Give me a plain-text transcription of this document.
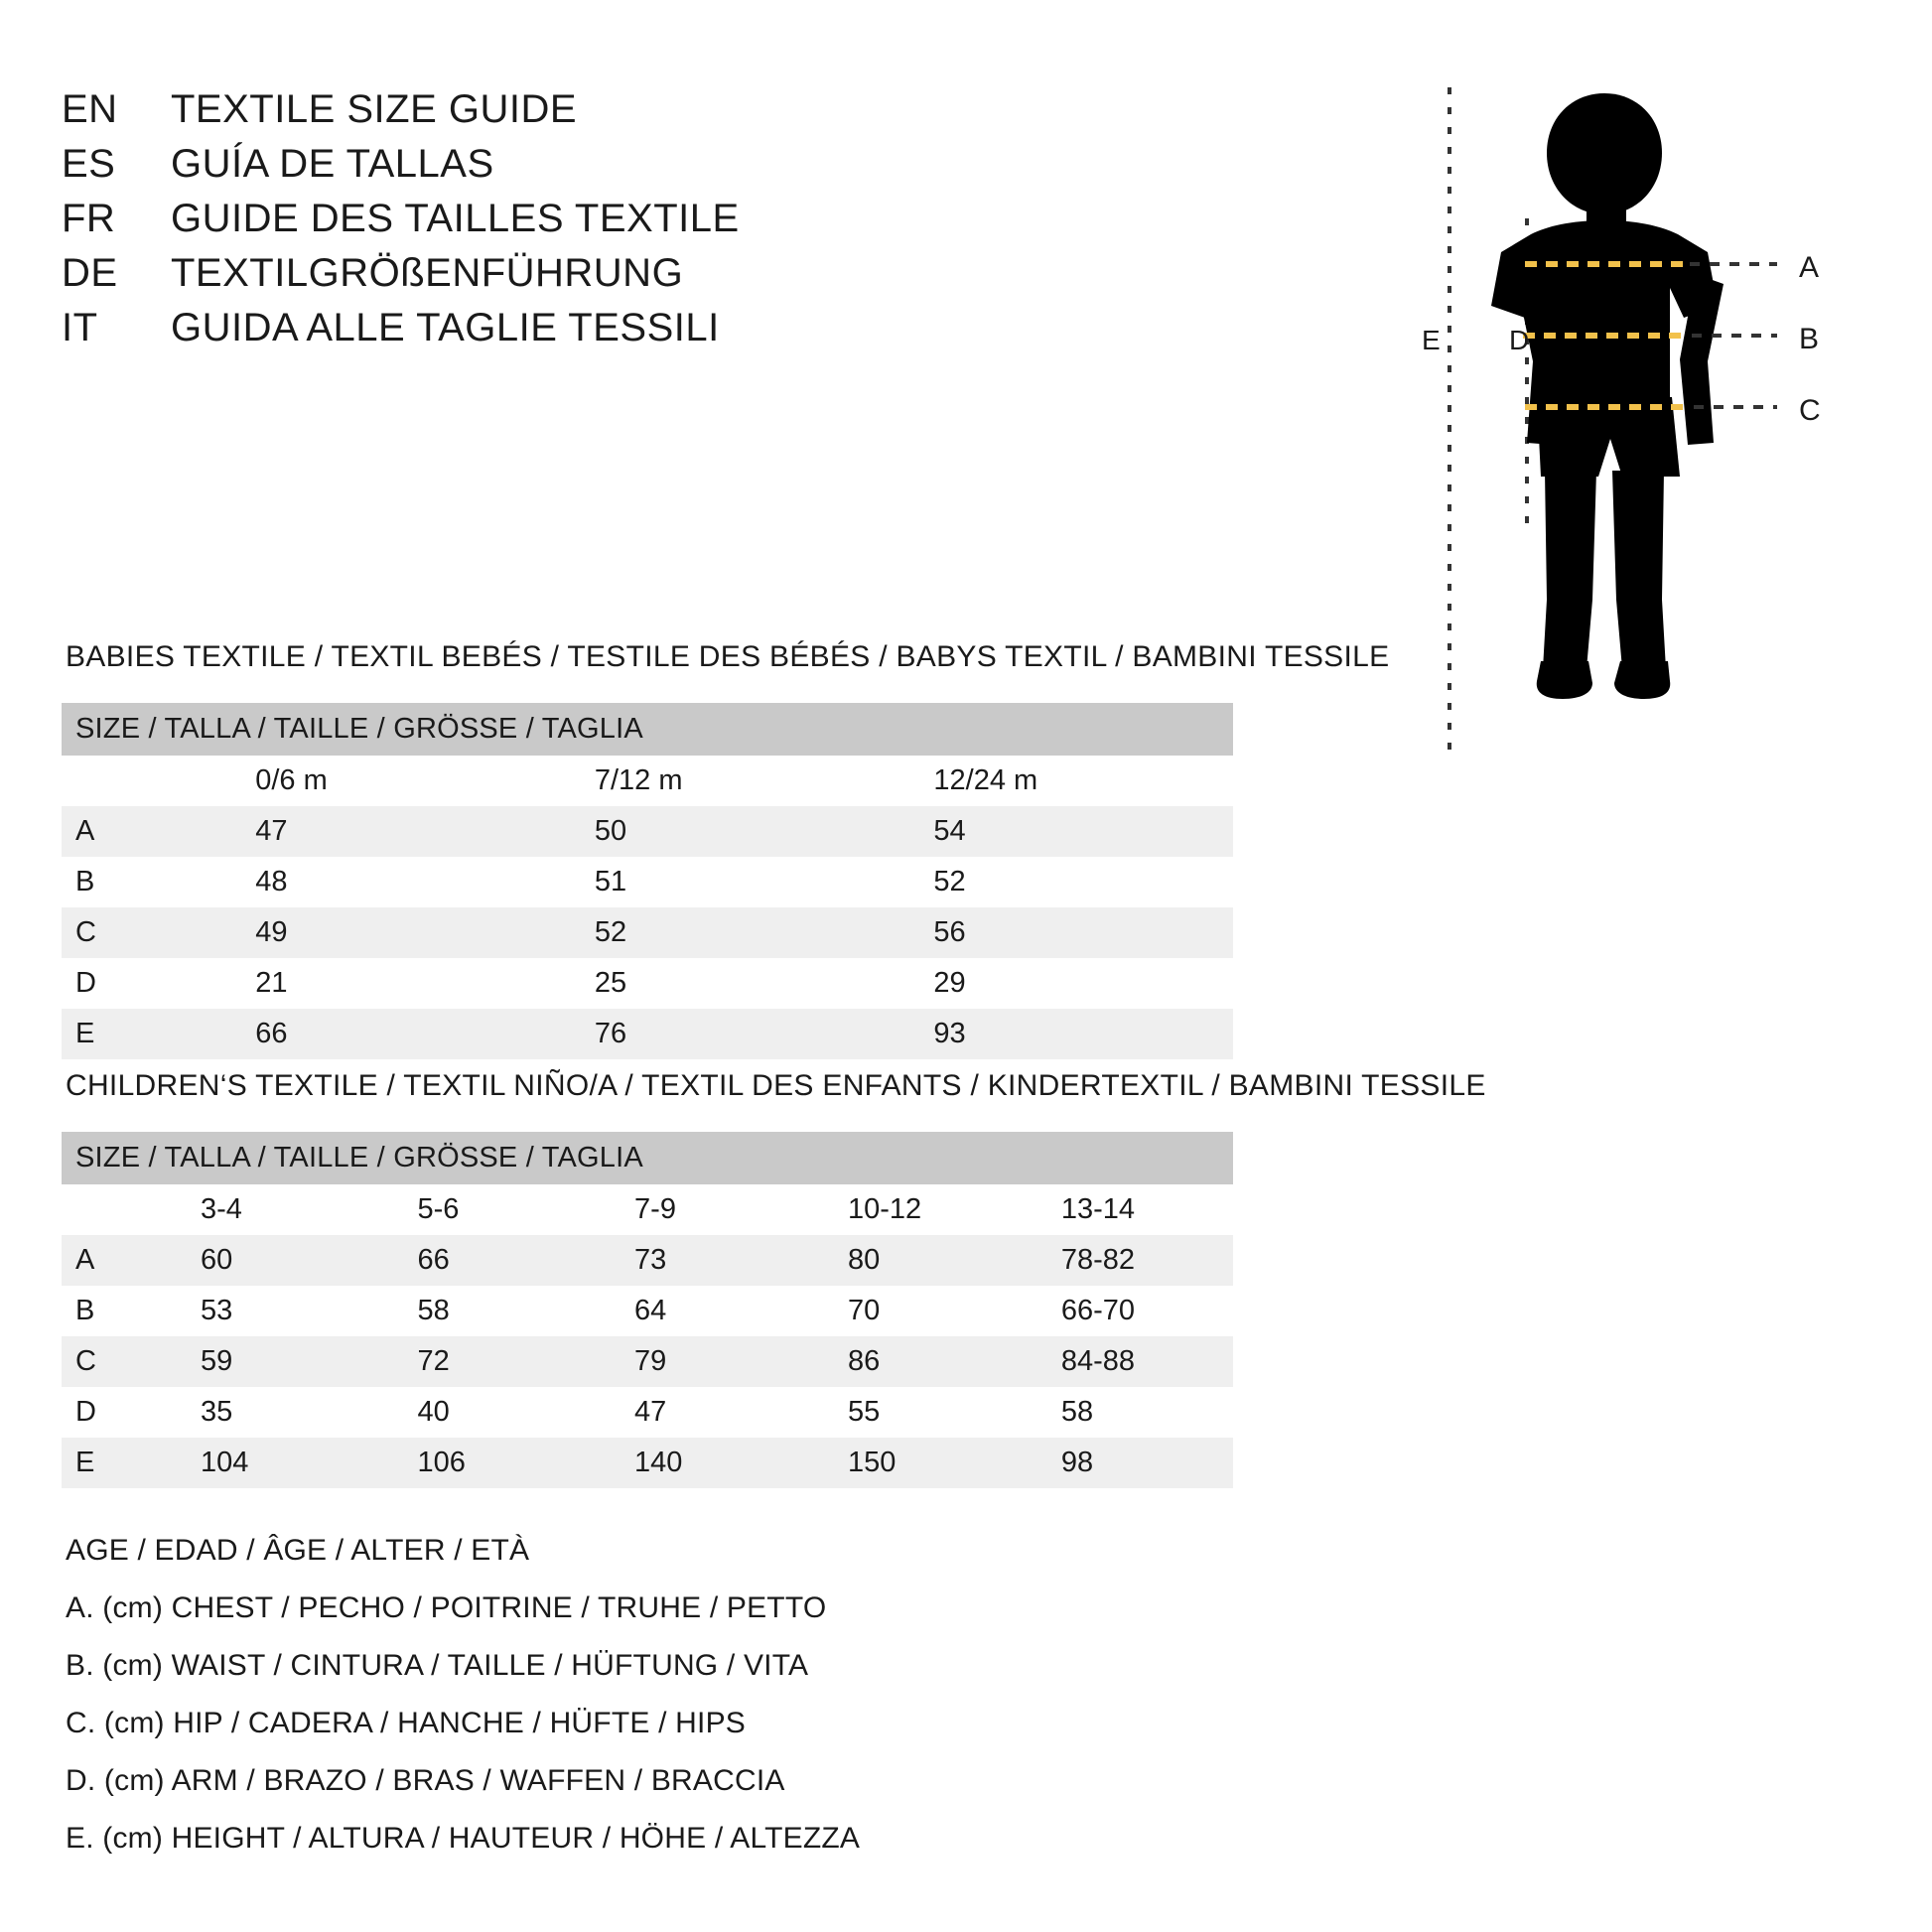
EN	TEXTILE SIZE GUIDE
ES	GUÍA DE TALLAS
FR	GUIDE DES TAILLES TEXTILE
DE	TEXTILGRÖßENFÜHRUNG
IT	GUIDA ALLE TAGLIE TESSILI
A
B
C
D
E
BABIES TEXTILE / TEXTIL BEBÉS / TESTILE DES BÉBÉS / BABYS TEXTIL / BAMBINI TESSILE
SIZE / TALLA / TAILLE / GRÖSSE / TAGLIA			
	0/6 m	7/12 m	12/24 m
A	47	50	54
B	48	51	52
C	49	52	56
D	21	25	29
E	66	76	93
CHILDREN‘S TEXTILE / TEXTIL NIÑO/A / TEXTIL DES ENFANTS / KINDERTEXTIL / BAMBINI TESSILE
SIZE / TALLA / TAILLE / GRÖSSE / TAGLIA					
	3-4	5-6	7-9	10-12	13-14
A	60	66	73	80	78-82
B	53	58	64	70	66-70
C	59	72	79	86	84-88
D	35	40	47	55	58
E	104	106	140	150	98
AGE / EDAD / ÂGE / ALTER / ETÀ
A. (cm) CHEST / PECHO / POITRINE / TRUHE / PETTO
B. (cm) WAIST / CINTURA / TAILLE / HÜFTUNG / VITA
C. (cm) HIP / CADERA / HANCHE / HÜFTE / HIPS
D. (cm) ARM / BRAZO / BRAS / WAFFEN / BRACCIA
E. (cm) HEIGHT / ALTURA / HAUTEUR / HÖHE / ALTEZZA
